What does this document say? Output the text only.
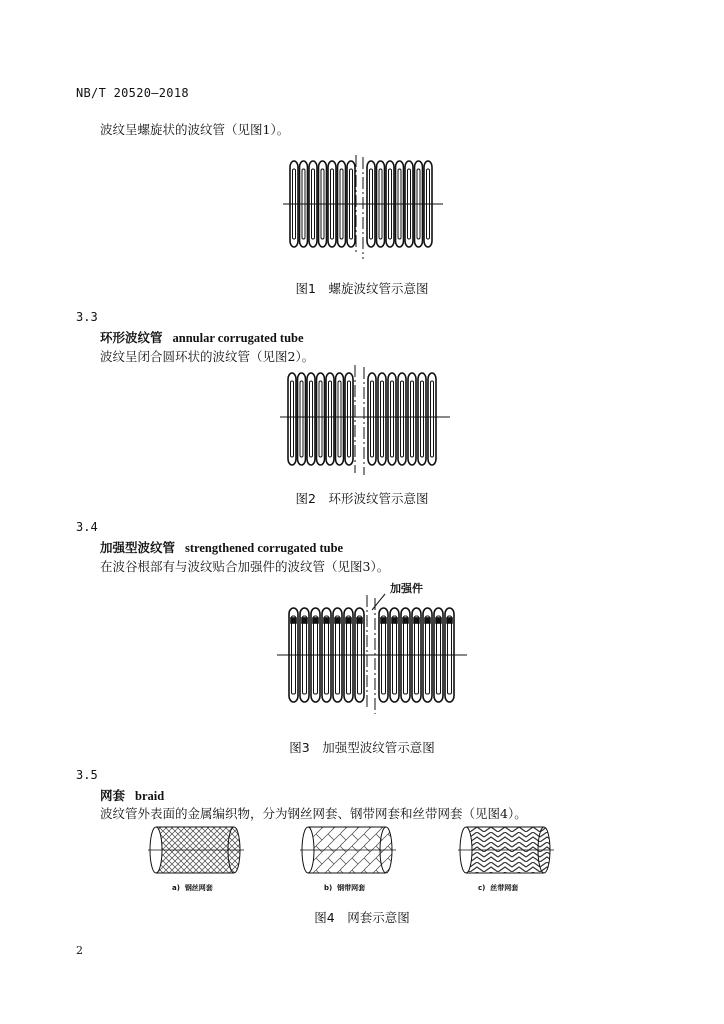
NB/T 20520—2018
波纹呈螺旋状的波纹管（见图1）。
图1　螺旋波纹管示意图
3.3
环形波纹管 annular corrugated tube
波纹呈闭合圆环状的波纹管（见图2）。
图2　环形波纹管示意图
3.4
加强型波纹管 strengthened corrugated tube
在波谷根部有与波纹贴合加强件的波纹管（见图3）。
加强件
图3　加强型波纹管示意图
3.5
网套 braid
波纹管外表面的金属编织物，分为钢丝网套、钢带网套和丝带网套（见图4）。
a) 钢丝网套	b) 钢带网套	c) 丝带网套
图4　网套示意图
2
